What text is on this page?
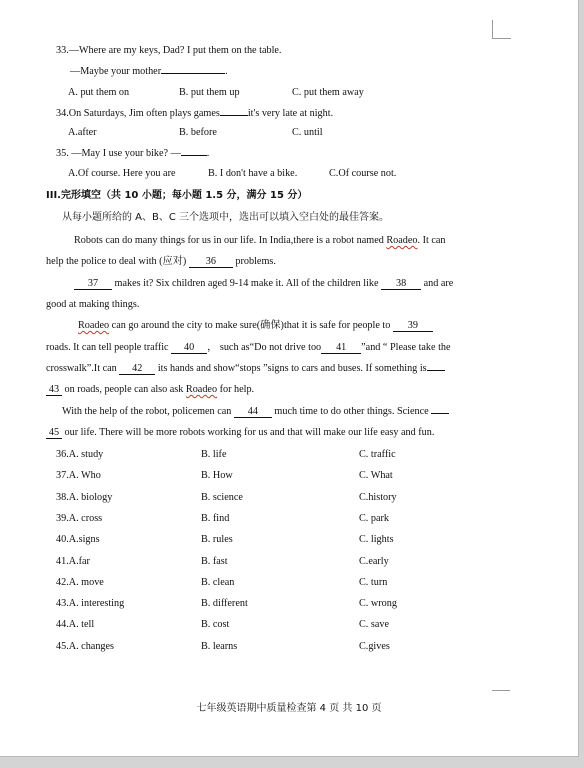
33.—Where are my keys, Dad? I put them on the table.
—Maybe your mother	.
A. put them on	B. put them up	C. put them away
34.On Saturdays, Jim often plays games	it's very late at night.
A.after	B. before	C. until
35. —May I use your bike? —	.
A.Of course. Here you are	B. I don't have a bike.	C.Of course not.
III.完形填空（共 10 小题；每小题 1.5 分，满分 15 分）
从每小题所给的 A、B、C 三个选项中，选出可以填入空白处的最佳答案。
Robots can do many things for us in our life. In India,there is a robot named Roadeo. It can
help the police to deal with (应对) 36 problems.
37 makes it? Six children aged 9-14 make it. All of the children like 38 and are
good at making things.
Roadeo can go around the city to make sure(确保)that it is safe for people to 39
roads. It can tell people traffic 40 ， such as“Do not drive too 41 ”and “ Please take the
crosswalk”.It can 42 its hands and show“stops ”signs to cars and buses. If something is
43 on roads, people can also ask Roadeo for help.
With the help of the robot, policemen can 44 much time to do other things. Science
45 our life. There will be more robots working for us and that will make our life easy and fun.
36.A. study	B. life	C. traffic
37.A. Who	B. How	C. What
38.A. biology	B. science	C.history
39.A. cross	B. find	C. park
40.A.signs	B. rules	C. lights
41.A.far	B. fast	C.early
42.A. move	B. clean	C. turn
43.A. interesting	B. different	C. wrong
44.A. tell	B. cost	C. save
45.A. changes	B. learns	C.gives
七年级英语期中质量检查第 4 页 共 10 页
